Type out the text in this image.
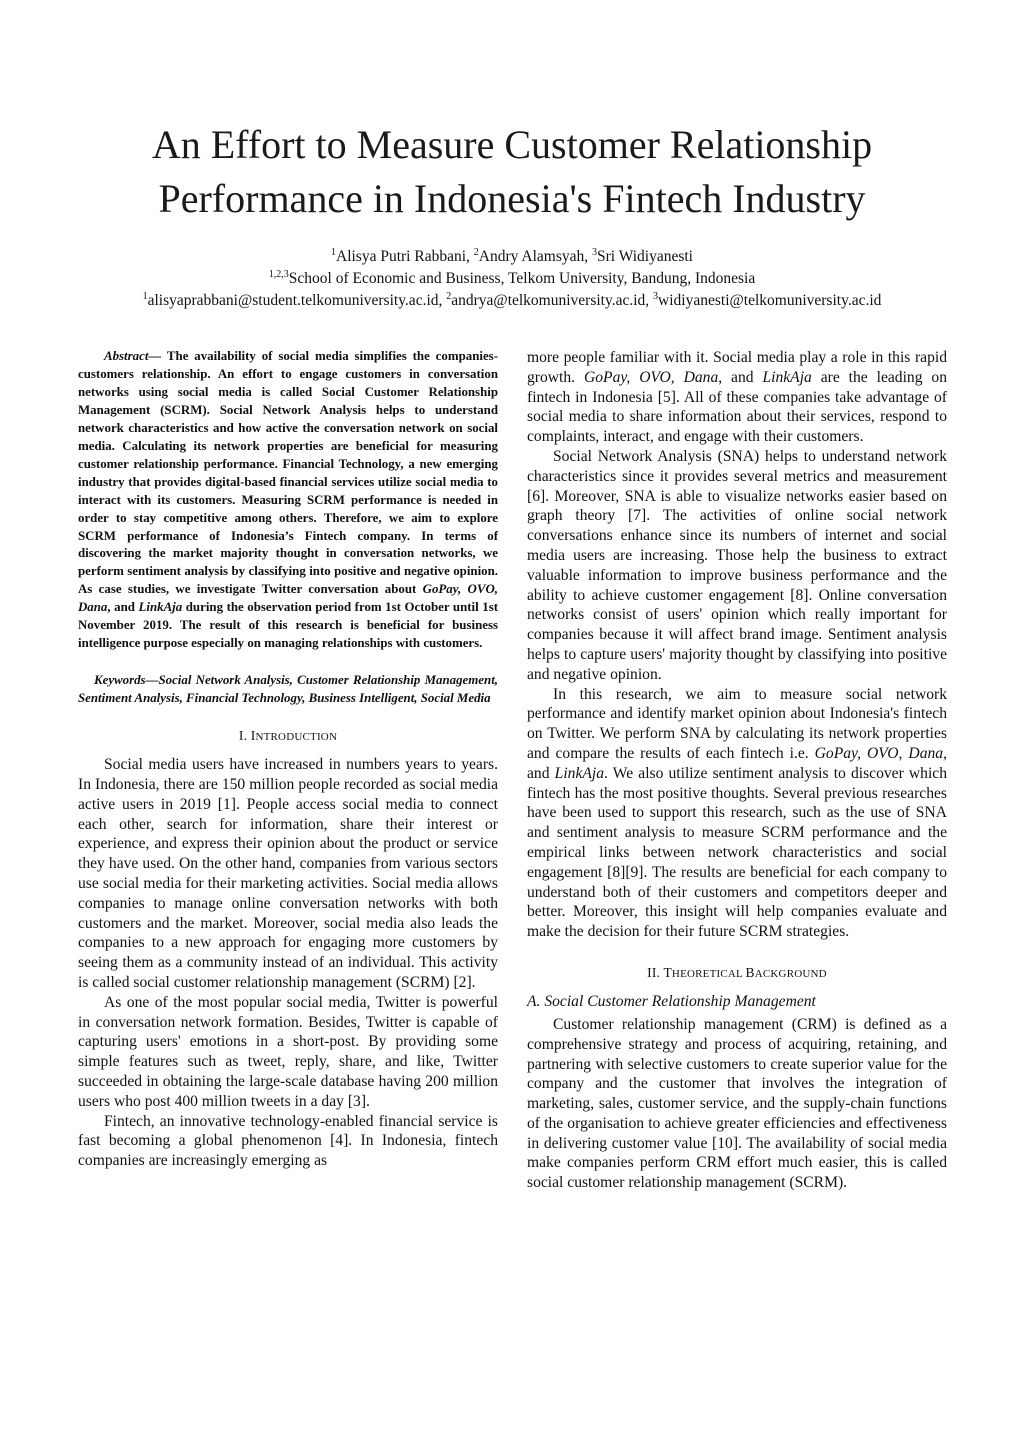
An Effort to Measure Customer Relationship
Performance in Indonesia's Fintech Industry
$^1$Alisya Putri Rabbani, $^2$Andry Alamsyah, $^3$Sri Widiyanesti
$^{1,2,3}$School of Economic and Business, Telkom University, Bandung, Indonesia
$^1$alisyaprabbani@student.telkomuniversity.ac.id, $^2$andrya@telkomuniversity.ac.id, $^3$widiyanesti@telkomuniversity.ac.id

Abstract— The availability of social media simplifies the companies-customers relationship. An effort to engage customers in conversation networks using social media is called Social Customer Relationship Management (SCRM). Social Network Analysis helps to understand network characteristics and how active the conversation network on social media. Calculating its network properties are beneficial for measuring customer relationship performance. Financial Technology, a new emerging industry that provides digital-based financial services utilize social media to interact with its customers. Measuring SCRM performance is needed in order to stay competitive among others. Therefore, we aim to explore SCRM performance of Indonesia’s Fintech company. In terms of discovering the market majority thought in conversation networks, we perform sentiment analysis by classifying into positive and negative opinion. As case studies, we investigate Twitter conversation about GoPay, OVO, Dana, and LinkAja during the observation period from 1st October until 1st November 2019. The result of this research is beneficial for business intelligence purpose especially on managing relationships with customers.

Keywords—Social Network Analysis, Customer Relationship Management, Sentiment Analysis, Financial Technology, Business Intelligent, Social Media

I. INTRODUCTION

Social media users have increased in numbers years to years. In Indonesia, there are 150 million people recorded as social media active users in 2019 [1]. People access social media to connect each other, search for information, share their interest or experience, and express their opinion about the product or service they have used. On the other hand, companies from various sectors use social media for their marketing activities. Social media allows companies to manage online conversation networks with both customers and the market. Moreover, social media also leads the companies to a new approach for engaging more customers by seeing them as a community instead of an individual. This activity is called social customer relationship management (SCRM) [2].

As one of the most popular social media, Twitter is powerful in conversation network formation. Besides, Twitter is capable of capturing users' emotions in a short-post. By providing some simple features such as tweet, reply, share, and like, Twitter succeeded in obtaining the large-scale database having 200 million users who post 400 million tweets in a day [3].

Fintech, an innovative technology-enabled financial service is fast becoming a global phenomenon [4]. In Indonesia, fintech companies are increasingly emerging as

more people familiar with it. Social media play a role in this rapid growth. GoPay, OVO, Dana, and LinkAja are the leading on fintech in Indonesia [5]. All of these companies take advantage of social media to share information about their services, respond to complaints, interact, and engage with their customers.

Social Network Analysis (SNA) helps to understand network characteristics since it provides several metrics and measurement [6]. Moreover, SNA is able to visualize networks easier based on graph theory [7]. The activities of online social network conversations enhance since its numbers of internet and social media users are increasing. Those help the business to extract valuable information to improve business performance and the ability to achieve customer engagement [8]. Online conversation networks consist of users' opinion which really important for companies because it will affect brand image. Sentiment analysis helps to capture users' majority thought by classifying into positive and negative opinion.

In this research, we aim to measure social network performance and identify market opinion about Indonesia's fintech on Twitter. We perform SNA by calculating its network properties and compare the results of each fintech i.e. GoPay, OVO, Dana, and LinkAja. We also utilize sentiment analysis to discover which fintech has the most positive thoughts. Several previous researches have been used to support this research, such as the use of SNA and sentiment analysis to measure SCRM performance and the empirical links between network characteristics and social engagement [8][9]. The results are beneficial for each company to understand both of their customers and competitors deeper and better. Moreover, this insight will help companies evaluate and make the decision for their future SCRM strategies.

II. THEORETICAL BACKGROUND
A. Social Customer Relationship Management

Customer relationship management (CRM) is defined as a comprehensive strategy and process of acquiring, retaining, and partnering with selective customers to create superior value for the company and the customer that involves the integration of marketing, sales, customer service, and the supply-chain functions of the organisation to achieve greater efficiencies and effectiveness in delivering customer value [10]. The availability of social media make companies perform CRM effort much easier, this is called social customer relationship management (SCRM).
